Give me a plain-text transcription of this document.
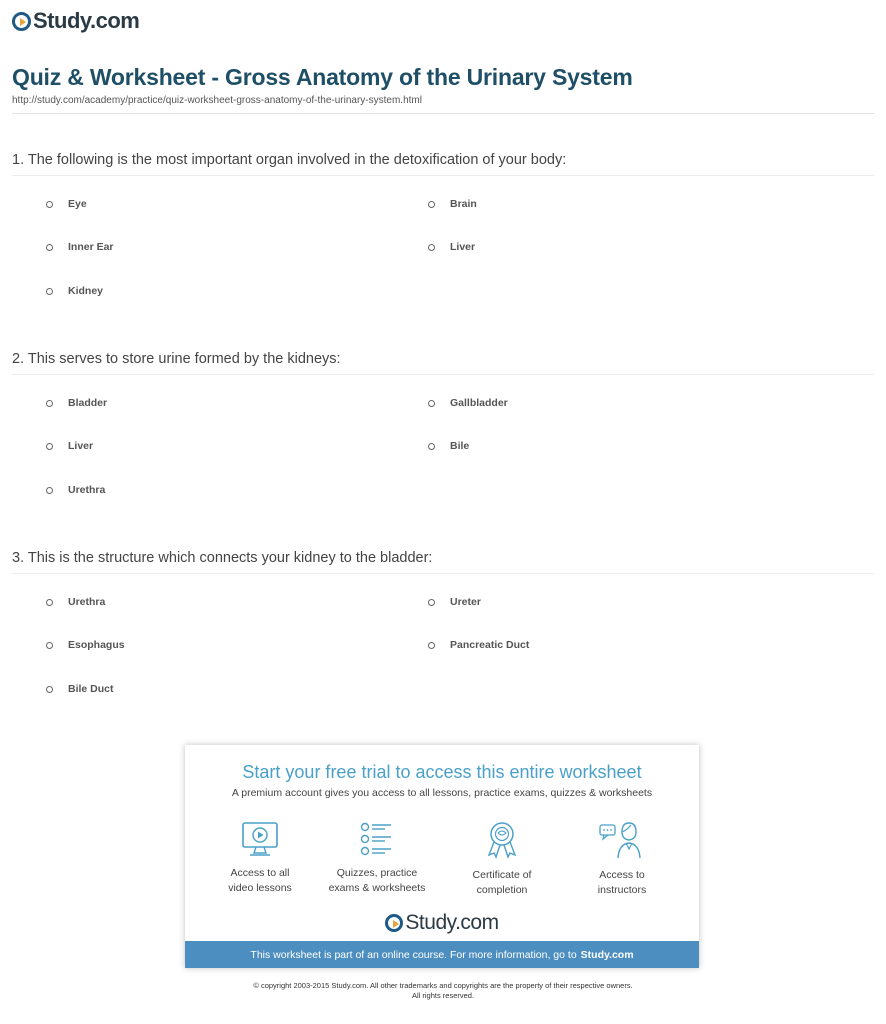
Study.com
Quiz & Worksheet - Gross Anatomy of the Urinary System
http://study.com/academy/practice/quiz-worksheet-gross-anatomy-of-the-urinary-system.html
1. The following is the most important organ involved in the detoxification of your body:
Eye	Brain
Inner Ear	Liver
Kidney
2. This serves to store urine formed by the kidneys:
Bladder	Gallbladder
Liver	Bile
Urethra
3. This is the structure which connects your kidney to the bladder:
Urethra	Ureter
Esophagus	Pancreatic Duct
Bile Duct
Start your free trial to access this entire worksheet
A premium account gives you access to all lessons, practice exams, quizzes & worksheets
Access to all
video lessons
Quizzes, practice
exams & worksheets
Certificate of
completion
Access to
instructors
Study.com
This worksheet is part of an online course. For more information, go to Study.com
© copyright 2003-2015 Study.com. All other trademarks and copyrights are the property of their respective owners.
All rights reserved.
